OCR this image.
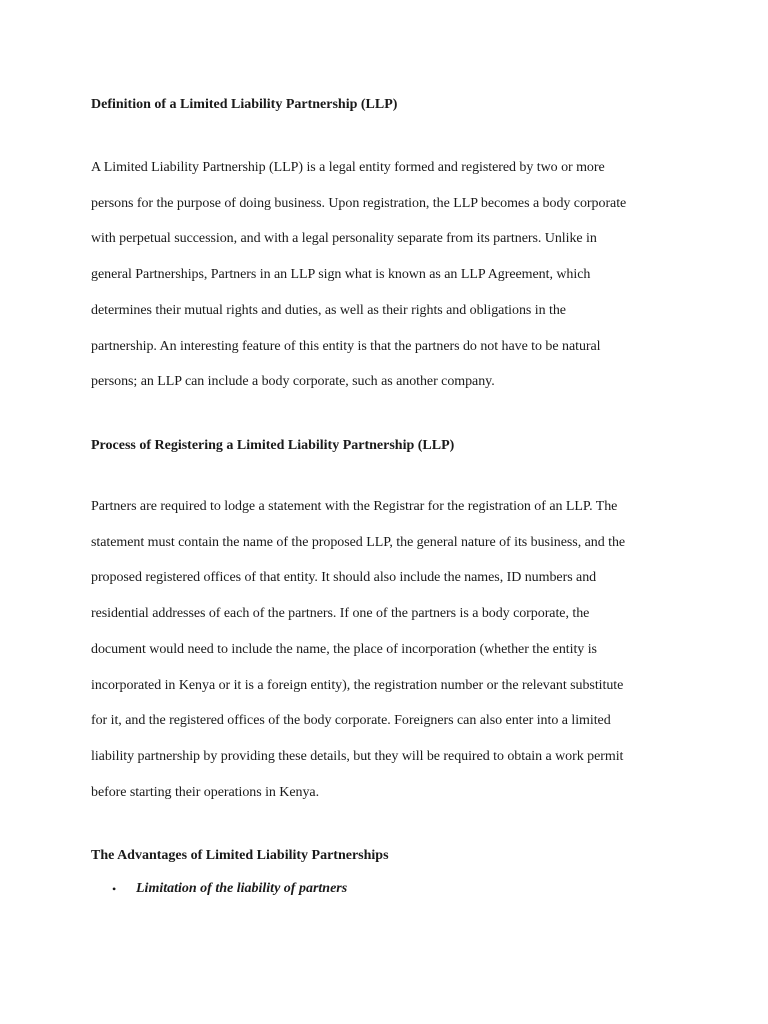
Definition of a Limited Liability Partnership (LLP)
A Limited Liability Partnership (LLP) is a legal entity formed and registered by two or more
persons for the purpose of doing business. Upon registration, the LLP becomes a body corporate
with perpetual succession, and with a legal personality separate from its partners. Unlike in
general Partnerships, Partners in an LLP sign what is known as an LLP Agreement, which
determines their mutual rights and duties, as well as their rights and obligations in the
partnership. An interesting feature of this entity is that the partners do not have to be natural
persons; an LLP can include a body corporate, such as another company.
Process of Registering a Limited Liability Partnership (LLP)
Partners are required to lodge a statement with the Registrar for the registration of an LLP. The
statement must contain the name of the proposed LLP, the general nature of its business, and the
proposed registered offices of that entity. It should also include the names, ID numbers and
residential addresses of each of the partners. If one of the partners is a body corporate, the
document would need to include the name, the place of incorporation (whether the entity is
incorporated in Kenya or it is a foreign entity), the registration number or the relevant substitute
for it, and the registered offices of the body corporate. Foreigners can also enter into a limited
liability partnership by providing these details, but they will be required to obtain a work permit
before starting their operations in Kenya.
The Advantages of Limited Liability Partnerships
•	Limitation of the liability of partners
